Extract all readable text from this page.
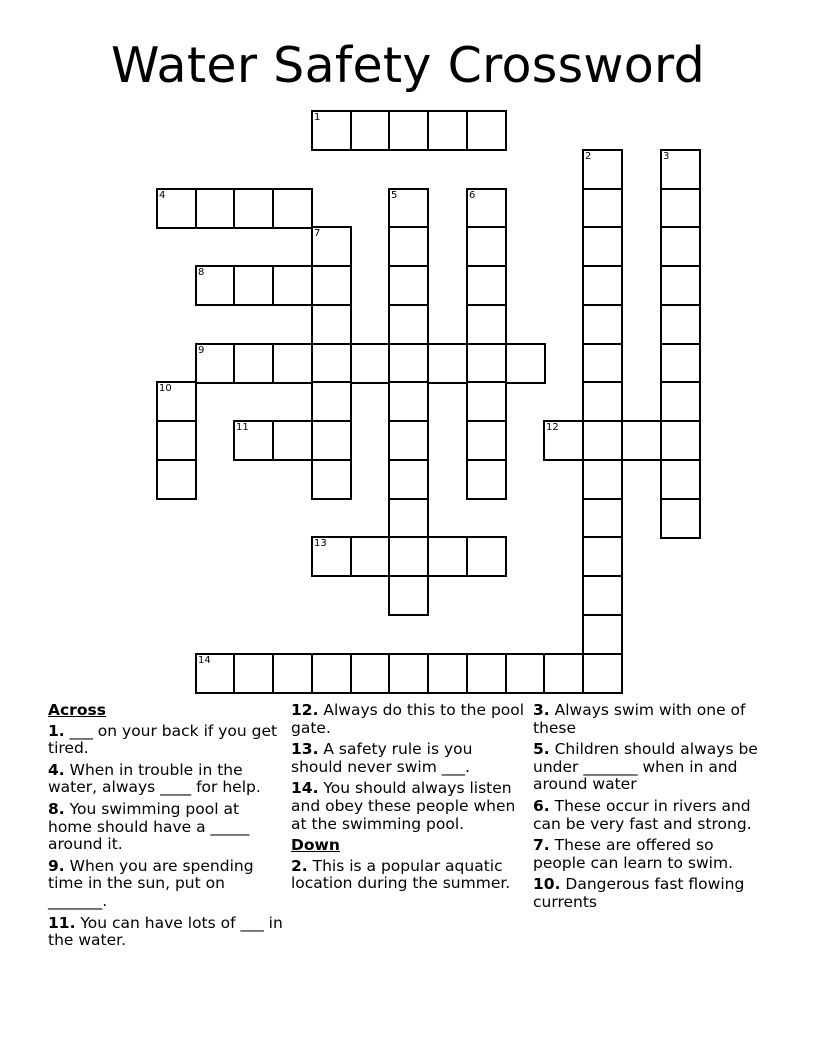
Water Safety Crossword
1
2	3
4	5	6
7
8
9
10
11	12
13
14
Across
1. ___ on your back if you get tired.
4. When in trouble in the water, always ____ for help.
8. You swimming pool at home should have a _____ around it.
9. When you are spending time in the sun, put on _______.
11. You can have lots of ___ in the water.
12. Always do this to the pool gate.
13. A safety rule is you should never swim ___.
14. You should always listen and obey these people when at the swimming pool.
Down
2. This is a popular aquatic location during the summer.
3. Always swim with one of these
5. Children should always be under _______ when in and around water
6. These occur in rivers and can be very fast and strong.
7. These are offered so people can learn to swim.
10. Dangerous fast flowing currents
